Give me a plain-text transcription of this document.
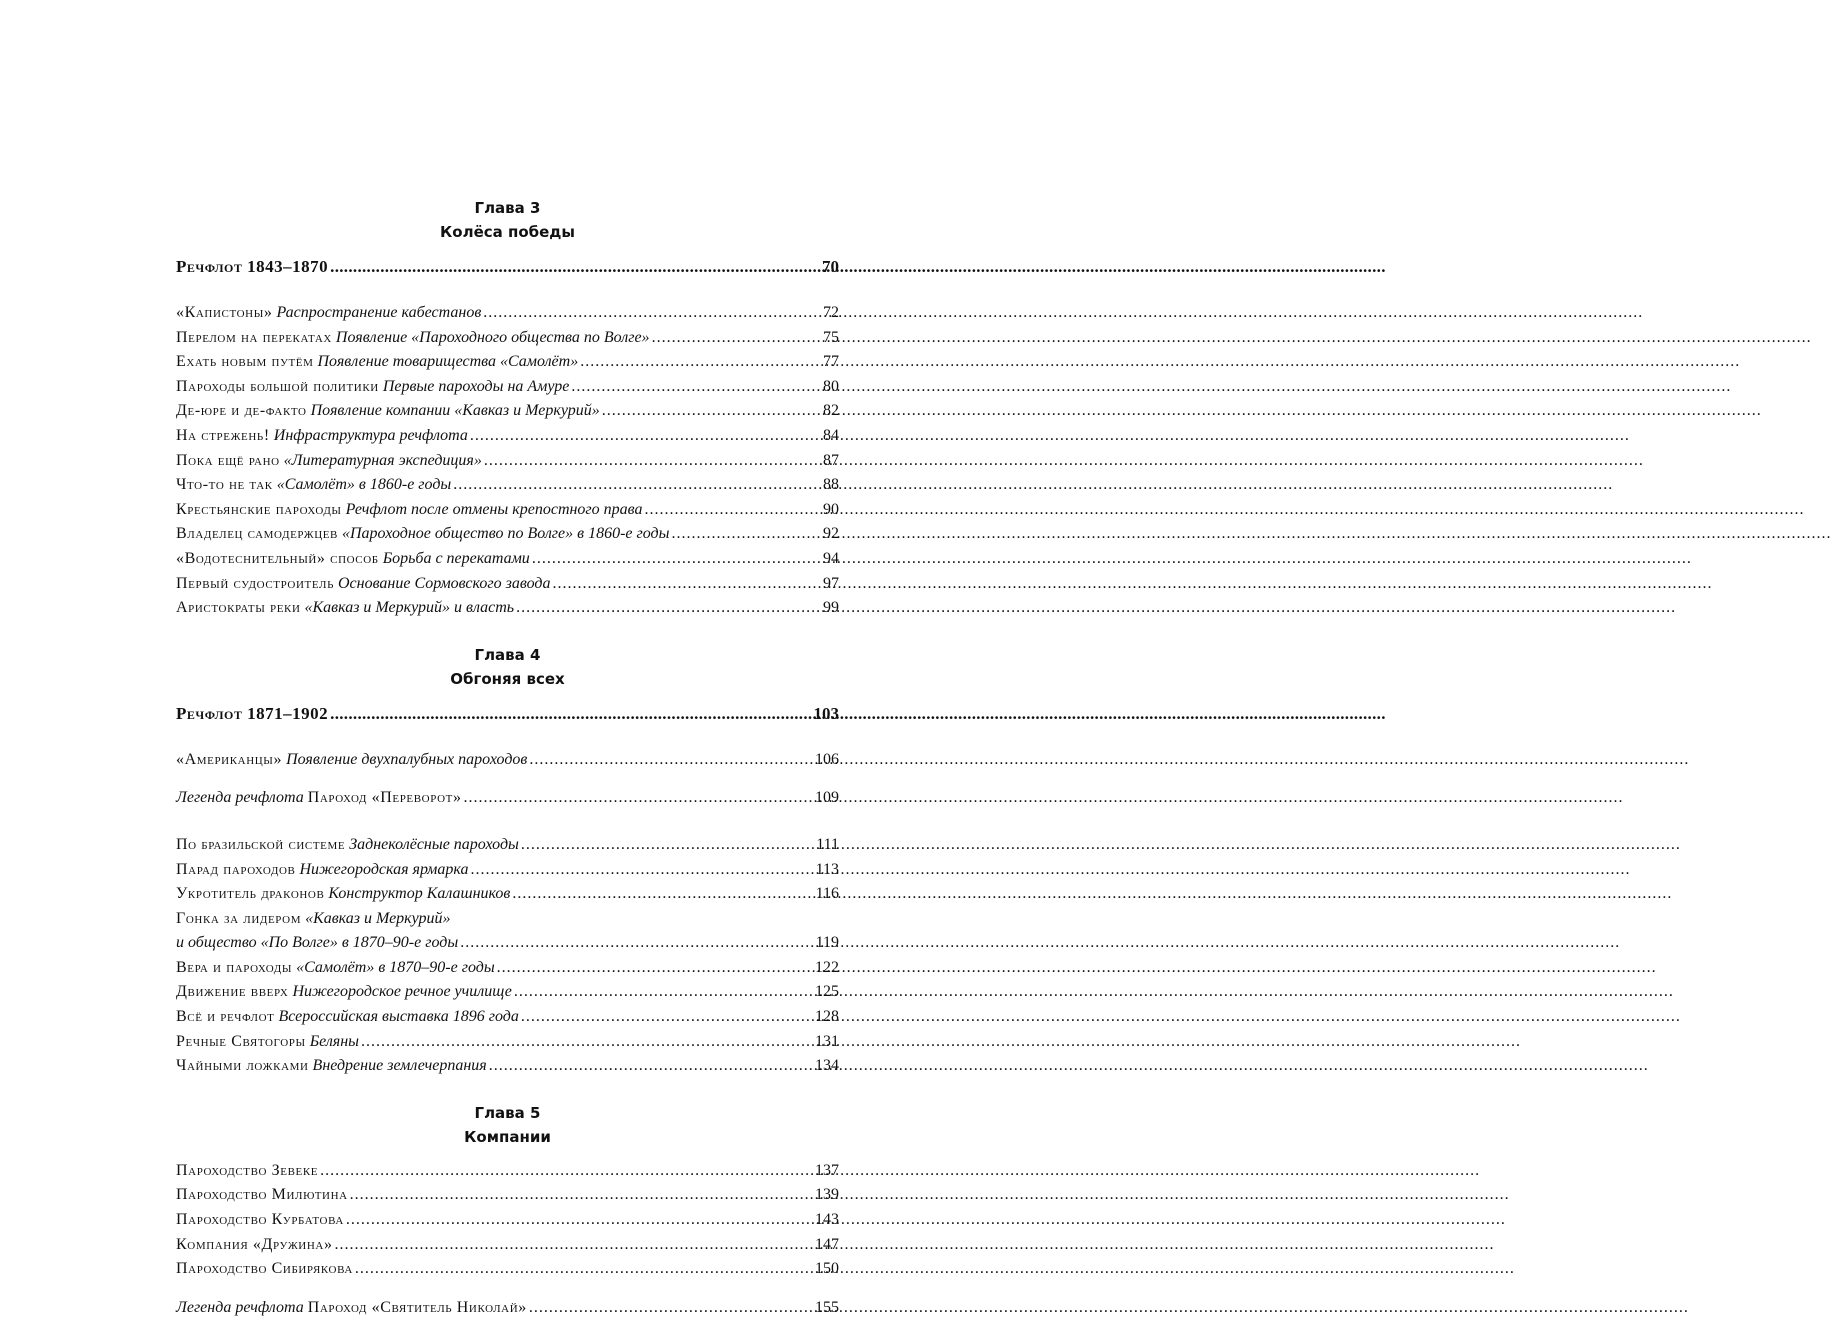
Глава 3
Колёса победы
Речфлот 1843–1870 .....	70
«Капистоны» Распространение кабестанов .....	72
Перелом на перекатах Появление «Пароходного общества по Волге» .....	75
Ехать новым путём Появление товарищества «Самолёт» .....	77
Пароходы большой политики Первые пароходы на Амуре .....	80
Де-юре и де-факто Появление компании «Кавказ и Меркурий» .....	82
На стрежень! Инфраструктура речфлота .....	84
Пока ещё рано «Литературная экспедиция» .....	87
Что-то не так «Самолёт» в 1860-е годы .....	88
Крестьянские пароходы Речфлот после отмены крепостного права .....	90
Владелец самодержцев «Пароходное общество по Волге» в 1860-е годы .....	92
«Водотеснительный» способ Борьба с перекатами .....	94
Первый судостроитель Основание Сормовского завода .....	97
Аристократы реки «Кавказ и Меркурий» и власть .....	99
Глава 4
Обгоняя всех
Речфлот 1871–1902 .....	103
«Американцы» Появление двухпалубных пароходов .....	106
Легенда речфлота Пароход «Переворот» .....	109
По бразильской системе Заднеколёсные пароходы .....	111
Парад пароходов Нижегородская ярмарка .....	113
Укротитель драконов Конструктор Калашников .....	116
Гонка за лидером «Кавказ и Меркурий»
и общество «По Волге» в 1870–90-е годы .....	119
Вера и пароходы «Самолёт» в 1870–90-е годы .....	122
Движение вверх Нижегородское речное училище .....	125
Всё и речфлот Всероссийская выставка 1896 года .....	128
Речные Святогоры Беляны .....	131
Чайными ложками Внедрение землечерпания .....	134
Глава 5
Компании
Пароходство Зевеке .....	137
Пароходство Милютина .....	139
Пароходство Курбатова .....	143
Компания «Дружина» .....	147
Пароходство Сибирякова .....	150
Легенда речфлота Пароход «Святитель Николай» .....	155
